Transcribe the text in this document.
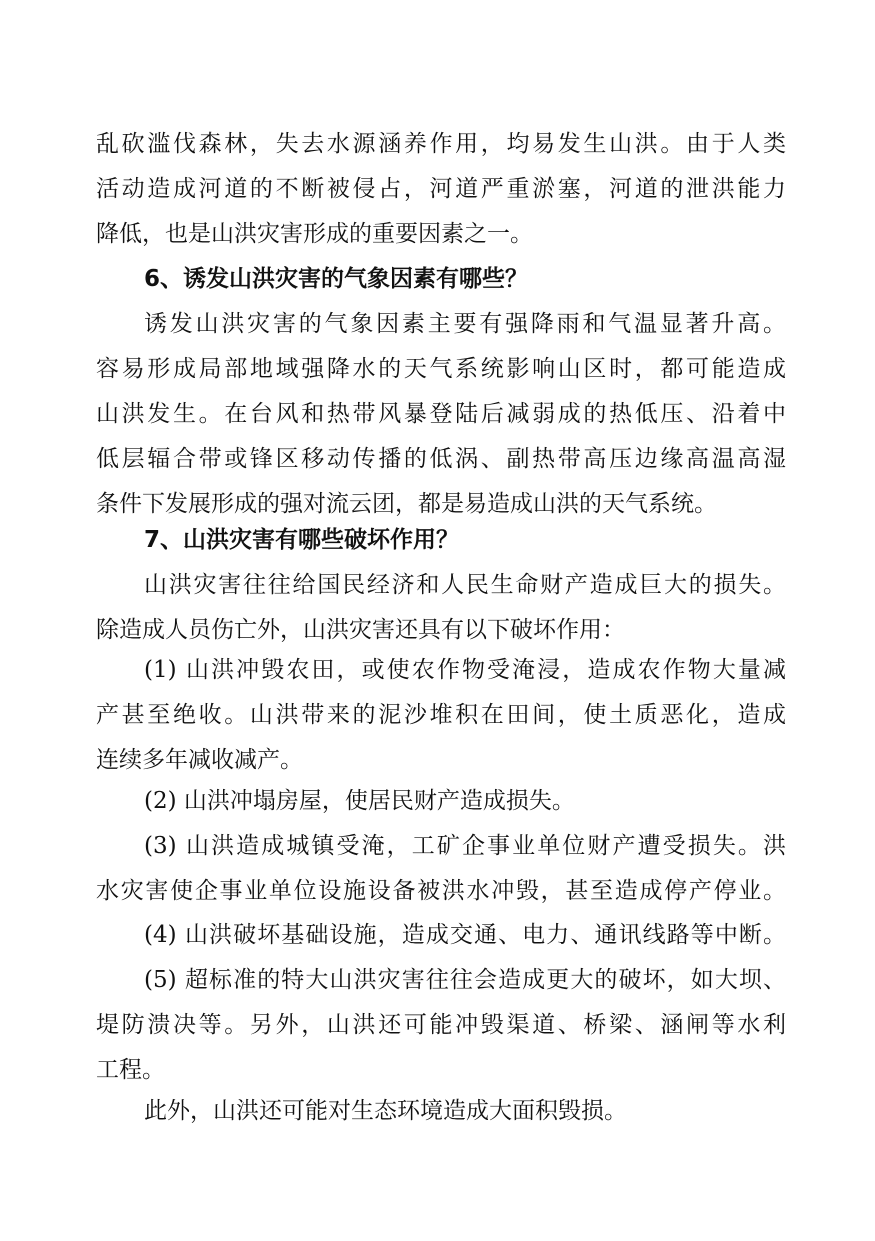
乱砍滥伐森林，失去水源涵养作用，均易发生山洪。由于人类
活动造成河道的不断被侵占，河道严重淤塞，河道的泄洪能力
降低，也是山洪灾害形成的重要因素之一。
6、诱发山洪灾害的气象因素有哪些？
诱发山洪灾害的气象因素主要有强降雨和气温显著升高。
容易形成局部地域强降水的天气系统影响山区时，都可能造成
山洪发生。在台风和热带风暴登陆后减弱成的热低压、沿着中
低层辐合带或锋区移动传播的低涡、副热带高压边缘高温高湿
条件下发展形成的强对流云团，都是易造成山洪的天气系统。
7、山洪灾害有哪些破坏作用？
山洪灾害往往给国民经济和人民生命财产造成巨大的损失。
除造成人员伤亡外，山洪灾害还具有以下破坏作用：
(1) 山洪冲毁农田，或使农作物受淹浸，造成农作物大量减
产甚至绝收。山洪带来的泥沙堆积在田间，使土质恶化，造成
连续多年减收减产。
(2) 山洪冲塌房屋，使居民财产造成损失。
(3) 山洪造成城镇受淹，工矿企事业单位财产遭受损失。洪
水灾害使企事业单位设施设备被洪水冲毁，甚至造成停产停业。
(4) 山洪破坏基础设施，造成交通、电力、通讯线路等中断。
(5) 超标准的特大山洪灾害往往会造成更大的破坏，如大坝、
堤防溃决等。另外，山洪还可能冲毁渠道、桥梁、涵闸等水利
工程。
此外，山洪还可能对生态环境造成大面积毁损。
